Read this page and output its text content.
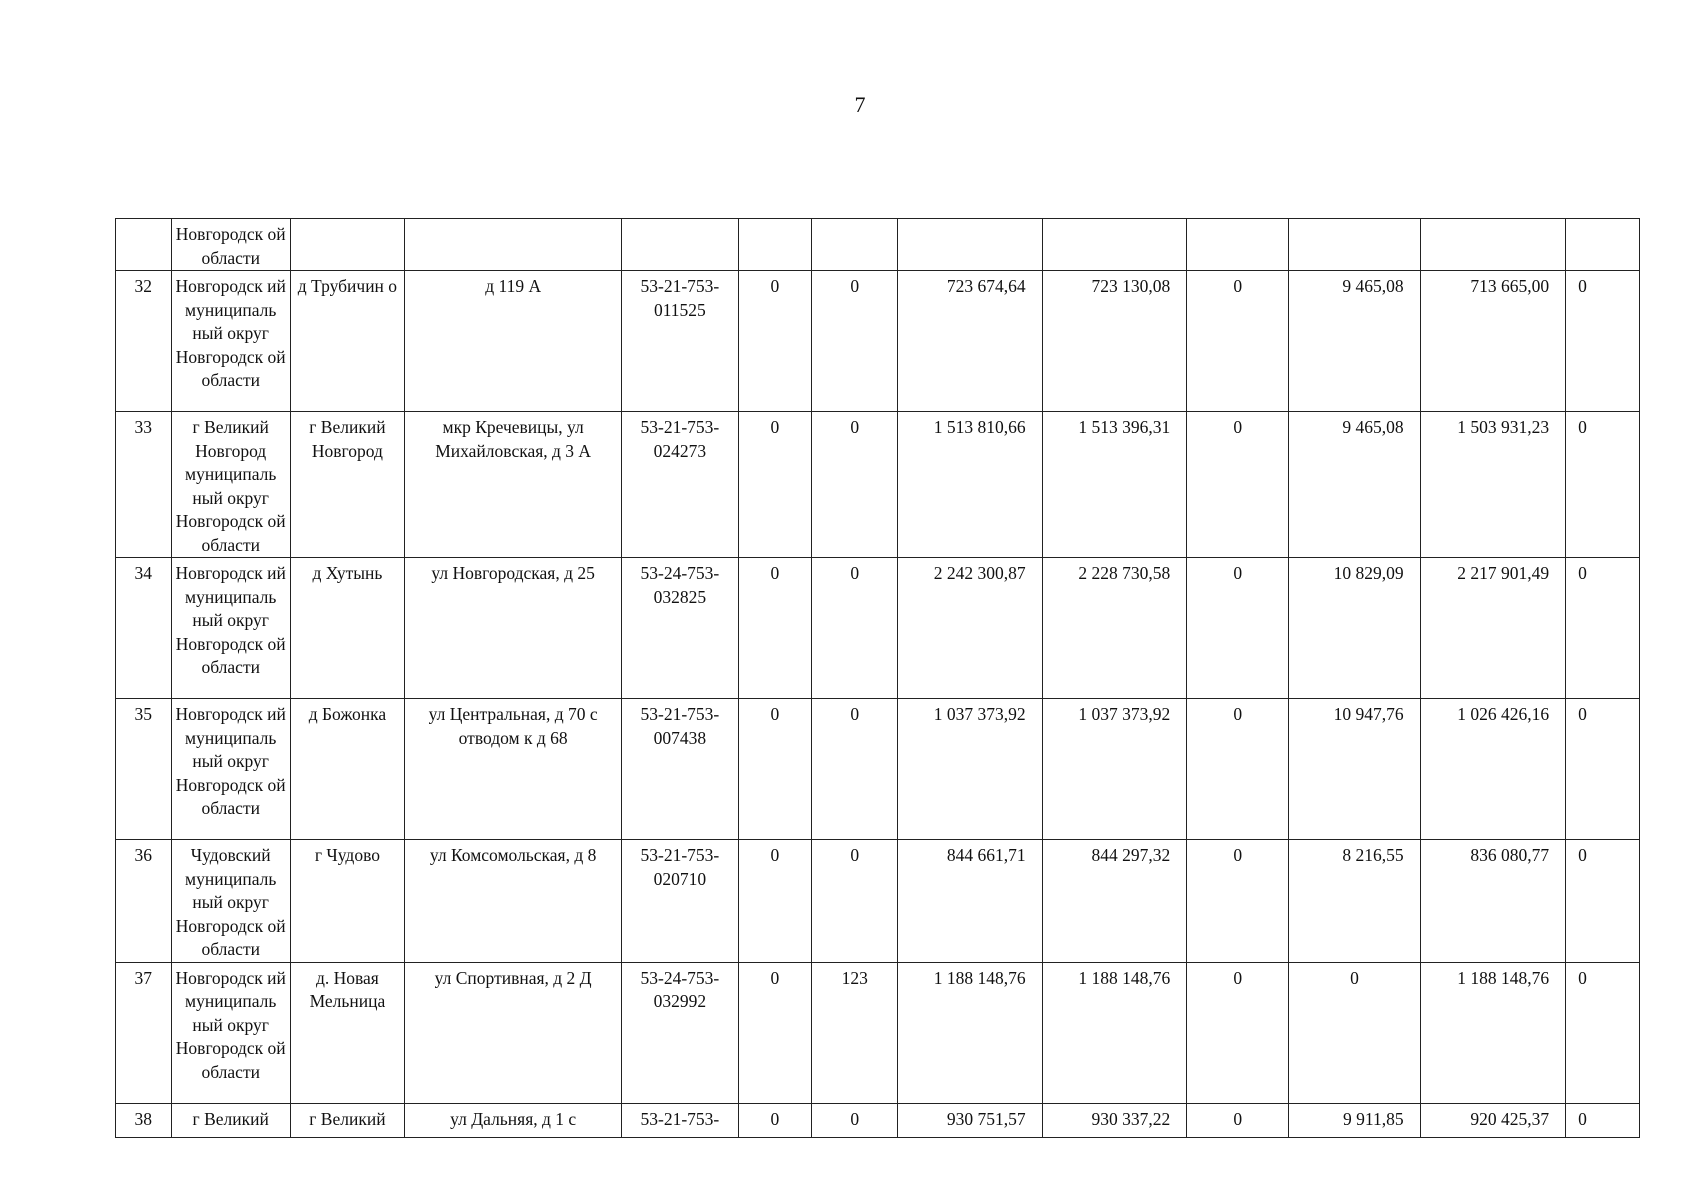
7
	Новгородск ой области											
32	Новгородск ий муниципаль ный округ Новгородск ой области	д Трубичин о	д 119 А	53-21-753- 011525	0	0	723 674,64	723 130,08	0	9 465,08	713 665,00	0
33	г Великий Новгород муниципаль ный округ Новгородск ой области	г Великий Новгород	мкр Кречевицы, ул Михайловская, д 3 А	53-21-753- 024273	0	0	1 513 810,66	1 513 396,31	0	9 465,08	1 503 931,23	0
34	Новгородск ий муниципаль ный округ Новгородск ой области	д Хутынь	ул Новгородская, д 25	53-24-753- 032825	0	0	2 242 300,87	2 228 730,58	0	10 829,09	2 217 901,49	0
35	Новгородск ий муниципаль ный округ Новгородск ой области	д Божонка	ул Центральная, д 70 с отводом к д 68	53-21-753- 007438	0	0	1 037 373,92	1 037 373,92	0	10 947,76	1 026 426,16	0
36	Чудовский муниципаль ный округ Новгородск ой области	г Чудово	ул Комсомольская, д 8	53-21-753- 020710	0	0	844 661,71	844 297,32	0	8 216,55	836 080,77	0
37	Новгородск ий муниципаль ный округ Новгородск ой области	д. Новая Мельница	ул Спортивная, д 2 Д	53-24-753- 032992	0	123	1 188 148,76	1 188 148,76	0	0	1 188 148,76	0
38	г Великий	г Великий	ул Дальняя, д 1 с	53-21-753-	0	0	930 751,57	930 337,22	0	9 911,85	920 425,37	0
